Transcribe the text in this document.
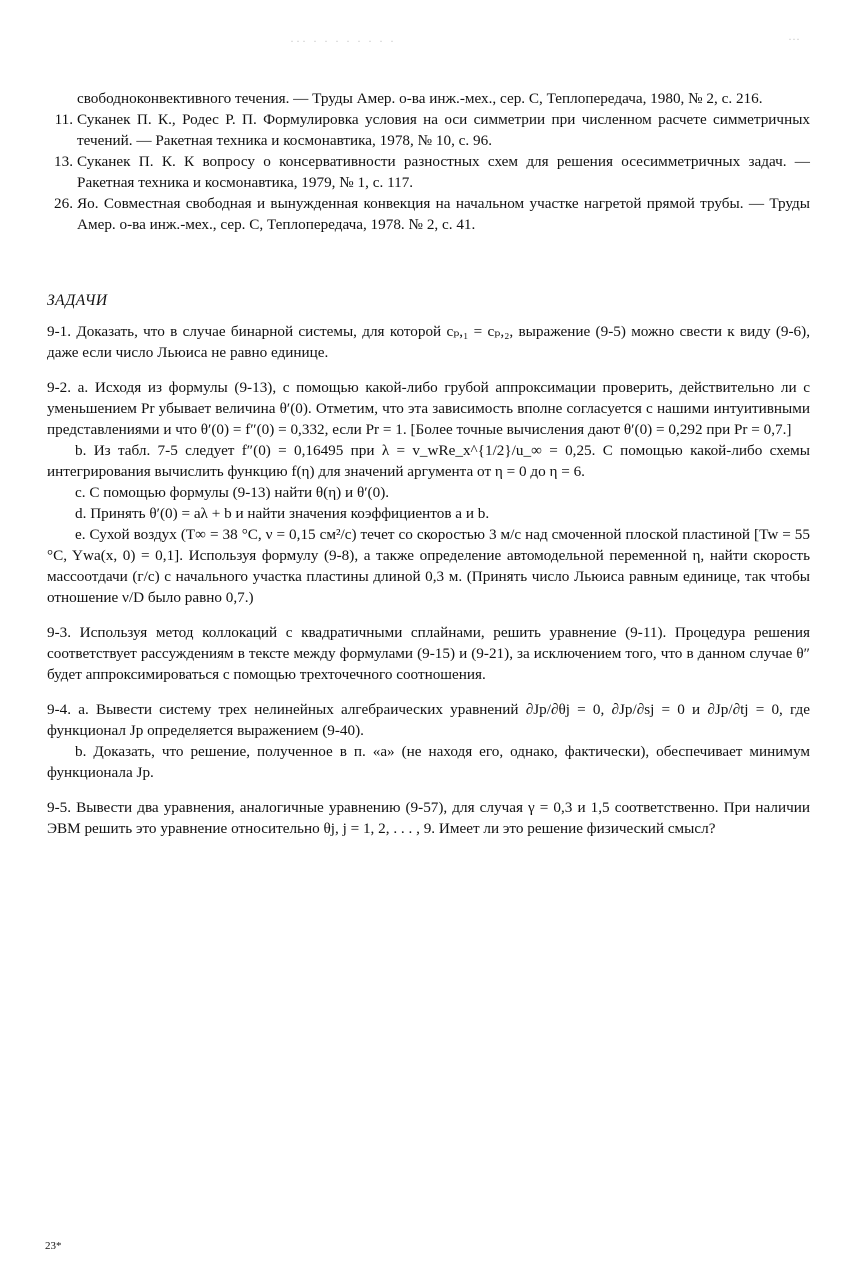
··· · · · · · · · ·	···
свободноконвективного течения. — Труды Амер. о-ва инж.-мех., сер. С, Теплопередача, 1980, № 2, с. 216.
11. Суканек П. К., Родес Р. П. Формулировка условия на оси симметрии при численном расчете симметричных течений. — Ракетная техника и космонавтика, 1978, № 10, с. 96.
13. Суканек П. К. К вопросу о консервативности разностных схем для решения осесимметричных задач. — Ракетная техника и космонавтика, 1979, № 1, с. 117.
26. Яо. Совместная свободная и вынужденная конвекция на начальном участке нагретой прямой трубы. — Труды Амер. о-ва инж.-мех., сер. С, Теплопередача, 1978. № 2, с. 41.
ЗАДАЧИ

9-1. Доказать, что в случае бинарной системы, для которой cₚ,₁ = cₚ,₂, выражение (9-5) можно свести к виду (9-6), даже если число Льюиса не равно единице.

9-2. a. Исходя из формулы (9-13), с помощью какой-либо грубой аппроксимации проверить, действительно ли с уменьшением Pr убывает величина θ′(0). Отметим, что эта зависимость вполне согласуется с нашими интуитивными представлениями и что θ′(0) = f″(0) = 0,332, если Pr = 1. [Более точные вычисления дают θ′(0) = 0,292 при Pr = 0,7.]

b. Из табл. 7-5 следует f″(0) = 0,16495 при λ = v_wRe_x^{1/2}/u_∞ = 0,25. С помощью какой-либо схемы интегрирования вычислить функцию f(η) для значений аргумента от η = 0 до η = 6.

c. С помощью формулы (9-13) найти θ(η) и θ′(0).

d. Принять θ′(0) = aλ + b и найти значения коэффициентов a и b.

e. Сухой воздух (T∞ = 38 °C, ν = 0,15 см²/с) течет со скоростью 3 м/с над смоченной плоской пластиной [Tw = 55 °C, Ywa(x, 0) = 0,1]. Используя формулу (9-8), а также определение автомодельной переменной η, найти скорость массоотдачи (г/с) с начального участка пластины длиной 0,3 м. (Принять число Льюиса равным единице, так чтобы отношение ν/D было равно 0,7.)

9-3. Используя метод коллокаций с квадратичными сплайнами, решить уравнение (9-11). Процедура решения соответствует рассуждениям в тексте между формулами (9-15) и (9-21), за исключением того, что в данном случае θ″ будет аппроксимироваться с помощью трехточечного соотношения.

9-4. a. Вывести систему трех нелинейных алгебраических уравнений ∂Jp/∂θj = 0, ∂Jp/∂sj = 0 и ∂Jp/∂tj = 0, где функционал Jp определяется выражением (9-40).

b. Доказать, что решение, полученное в п. «a» (не находя его, однако, фактически), обеспечивает минимум функционала Jp.

9-5. Вывести два уравнения, аналогичные уравнению (9-57), для случая γ = 0,3 и 1,5 соответственно. При наличии ЭВМ решить это уравнение относительно θj, j = 1, 2, . . . , 9. Имеет ли это решение физический смысл?

23*
